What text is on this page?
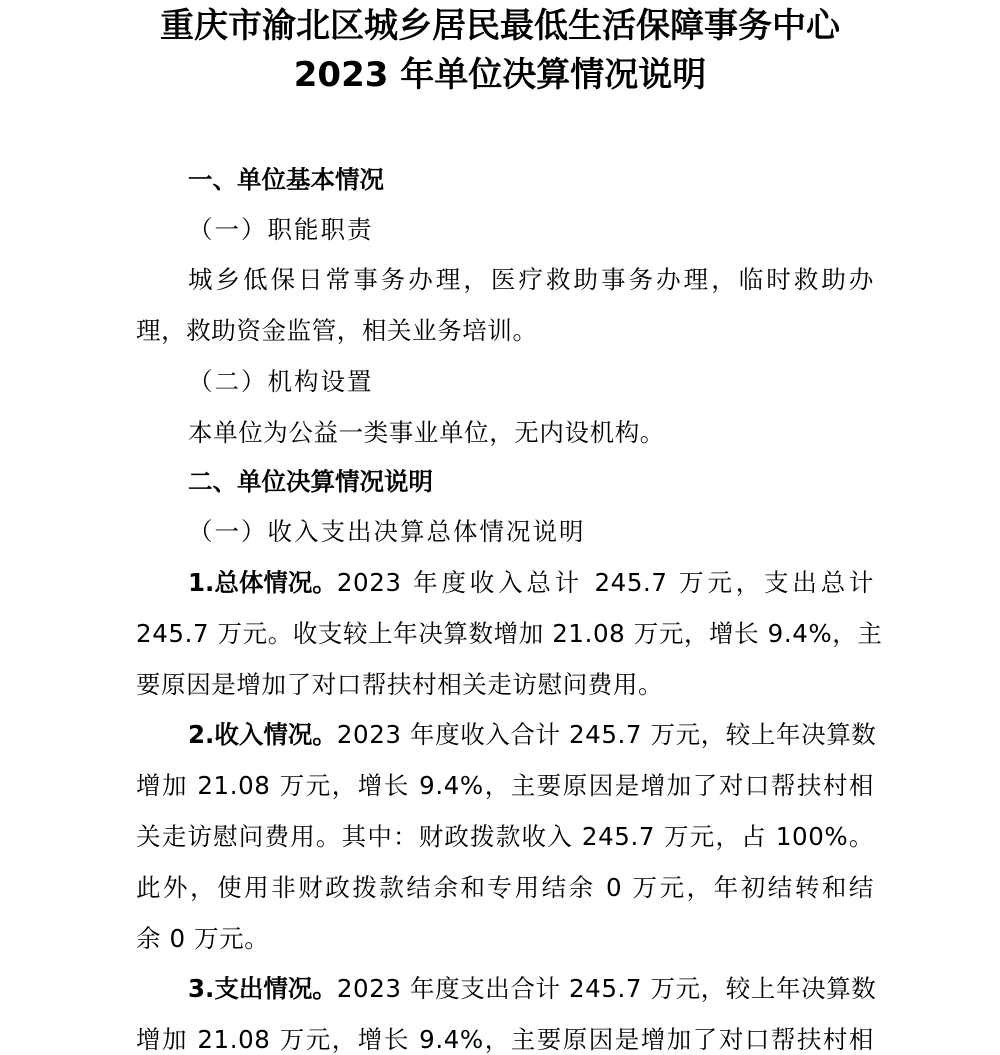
重庆市渝北区城乡居民最低生活保障事务中心
2023 年单位决算情况说明
一、单位基本情况
（一）职能职责
城乡低保日常事务办理，医疗救助事务办理，临时救助办
理，救助资金监管，相关业务培训。
（二）机构设置
本单位为公益一类事业单位，无内设机构。
二、单位决算情况说明
（一）收入支出决算总体情况说明
1.总体情况。 2023 年度收入总计 245.7 万元，支出总计
245.7 万元。收支较上年决算数增加 21.08 万元，增长 9.4%，主
要原因是增加了对口帮扶村相关走访慰问费用。
2.收入情况。 2023 年度收入合计 245.7 万元，较上年决算数
增加 21.08 万元，增长 9.4%，主要原因是增加了对口帮扶村相
关走访慰问费用。其中：财政拨款收入 245.7 万元，占 100%。
此外，使用非财政拨款结余和专用结余 0 万元，年初结转和结
余 0 万元。
3.支出情况。 2023 年度支出合计 245.7 万元，较上年决算数
增加 21.08 万元，增长 9.4%，主要原因是增加了对口帮扶村相
